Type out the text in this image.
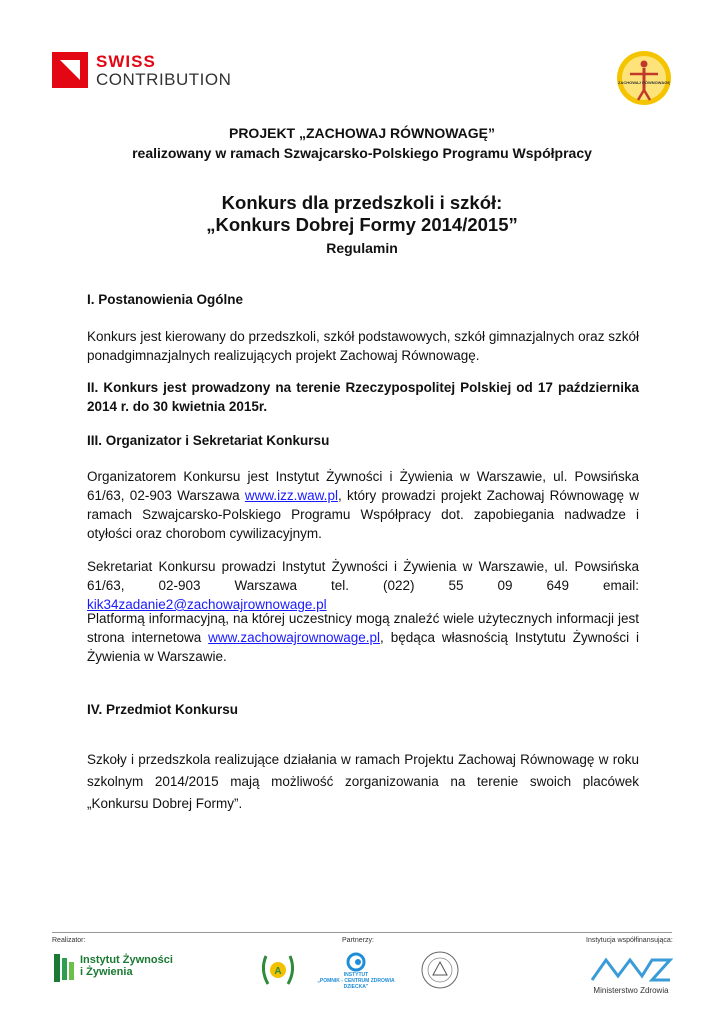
SWISS
CONTRIBUTION	ZACHOWAJ RÓWNOWAGĘ
PROJEKT „ZACHOWAJ RÓWNOWAGĘ”
realizowany w ramach Szwajcarsko-Polskiego Programu Współpracy
Konkurs dla przedszkoli i szkół:
„Konkurs Dobrej Formy 2014/2015”
Regulamin
I. Postanowienia Ogólne
Konkurs jest kierowany do przedszkoli, szkół podstawowych, szkół gimnazjalnych oraz szkół ponadgimnazjalnych realizujących projekt Zachowaj Równowagę.
II. Konkurs jest prowadzony na terenie Rzeczypospolitej Polskiej od 17 października 2014 r. do 30 kwietnia 2015r.
III. Organizator i Sekretariat Konkursu
Organizatorem Konkursu jest Instytut Żywności i Żywienia w Warszawie, ul. Powsińska 61/63, 02-903 Warszawa www.izz.waw.pl, który prowadzi projekt Zachowaj Równowagę w ramach Szwajcarsko-Polskiego Programu Współpracy dot. zapobiegania nadwadze i otyłości oraz chorobom cywilizacyjnym.
Sekretariat Konkursu prowadzi Instytut Żywności i Żywienia w Warszawie, ul. Powsińska 61/63, 02-903 Warszawa tel. (022) 55 09 649 email: kik34zadanie2@zachowajrownowage.pl
Platformą informacyjną, na której uczestnicy mogą znaleźć wiele użytecznych informacji jest strona internetowa www.zachowajrownowage.pl, będąca własnością Instytutu Żywności i Żywienia w Warszawie.
IV. Przedmiot Konkursu
Szkoły i przedszkola realizujące działania w ramach Projektu Zachowaj Równowagę w roku szkolnym 2014/2015 mają możliwość zorganizowania na terenie swoich placówek „Konkursu Dobrej Formy”.
Realizator:	Partnerzy:	Instytucja współfinansująca:
Instytut Żywności
i Żywienia	A	INSTYTUT
„POMNIK - CENTRUM ZDROWIA DZIECKA”	Ministerstwo Zdrowia
